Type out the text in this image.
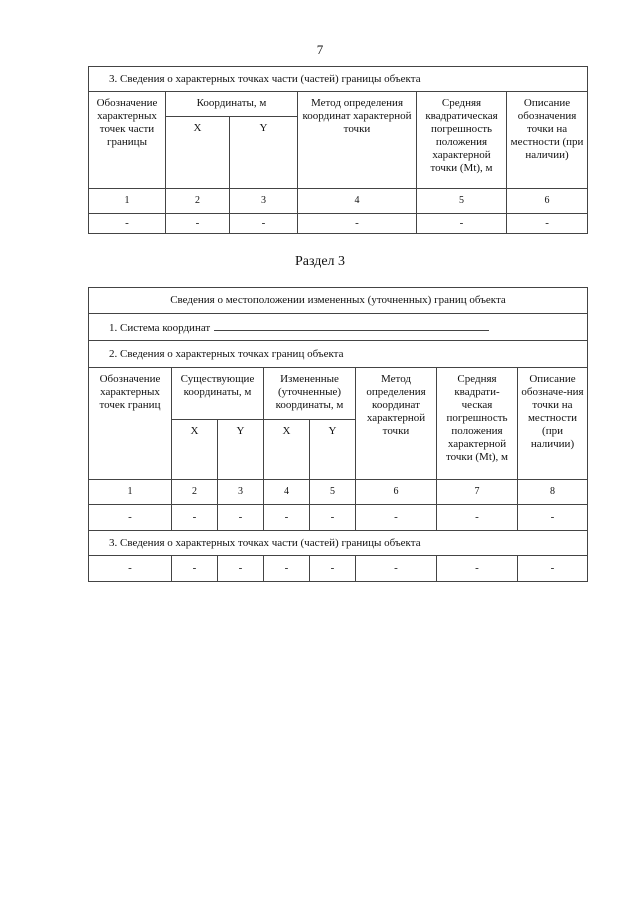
7
3. Сведения о характерных точках части (частей) границы объекта					
Обозначение характерных точек части границы	Координаты, м		Метод определения координат характерной точки	Средняя квадратическая погрешность положения характерной точки (Mt), м	Описание обозначения точки на местности (при наличии)
	X	Y			
1	2	3	4	5	6
-	-	-	-	-	-
Раздел 3
Сведения о местоположении измененных (уточненных) границ объекта							
1. Система координат							
2. Сведения о характерных точках границ объекта							
Обозначение характерных точек границ	Существующие координаты, м		Измененные (уточненные) координаты, м		Метод определения координат характерной точки	Средняя квадрати-ческая погрешность положения характерной точки (Mt), м	Описание обозначе-ния точки на местности (при наличии)
	X	Y	X	Y			
1	2	3	4	5	6	7	8
-	-	-	-	-	-	-	-
3. Сведения о характерных точках части (частей) границы объекта							
-	-	-	-	-	-	-	-
